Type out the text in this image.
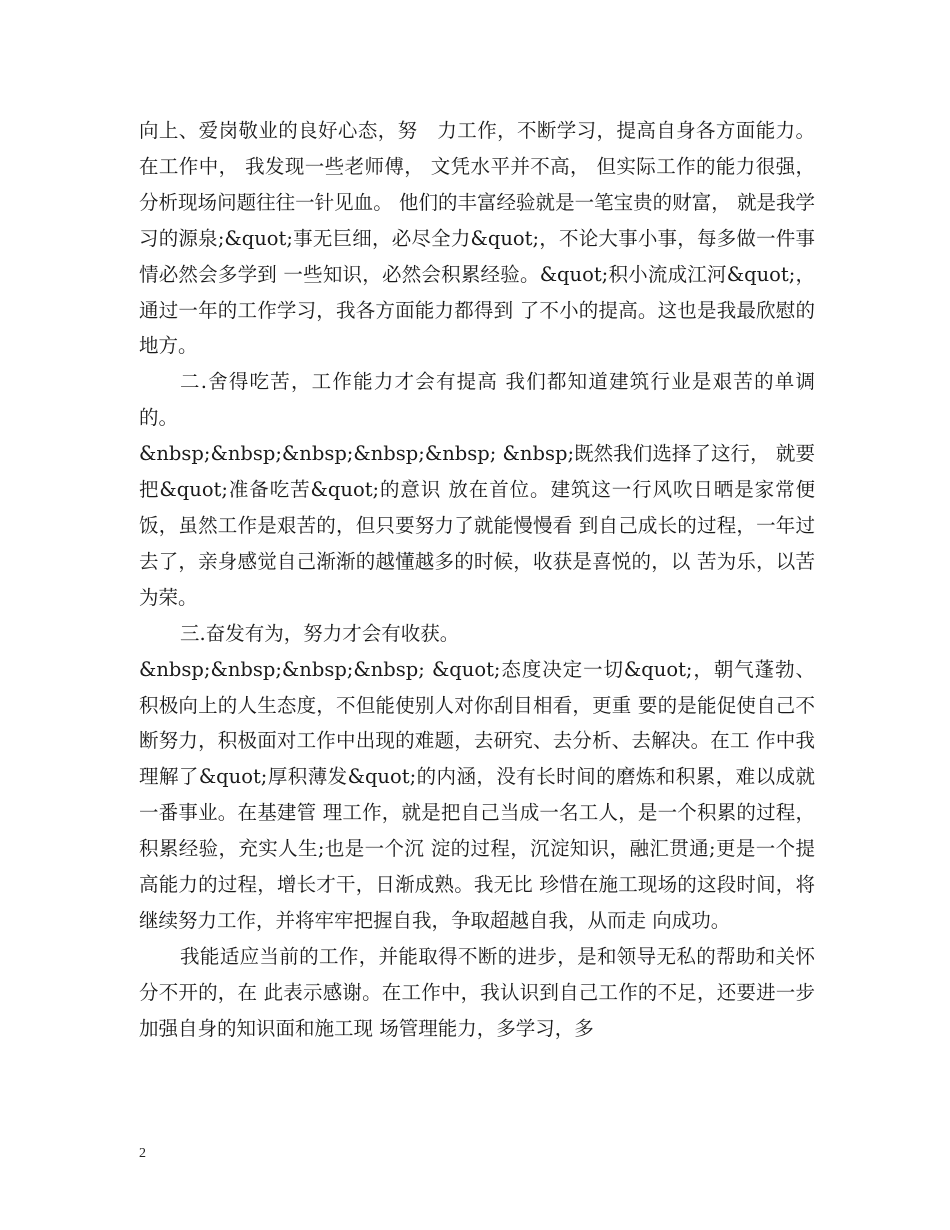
向上、爱岗敬业的良好心态，努　力工作，不断学习，提高自身各方面能力。 在工作中， 我发现一些老师傅， 文凭水平并不高， 但实际工作的能力很强， 分析现场问题往往一针见血。 他们的丰富经验就是一笔宝贵的财富， 就是我学习的源泉;&quot;事无巨细，必尽全力&quot;，不论大事小事，每多做一件事情必然会多学到 一些知识，必然会积累经验。&quot;积小流成江河&quot;，通过一年的工作学习，我各方面能力都得到 了不小的提高。这也是我最欣慰的地方。

二.舍得吃苦，工作能力才会有提高 我们都知道建筑行业是艰苦的单调的。

&nbsp;&nbsp;&nbsp;&nbsp;&nbsp; &nbsp;既然我们选择了这行， 就要把&quot;准备吃苦&quot;的意识 放在首位。建筑这一行风吹日晒是家常便饭，虽然工作是艰苦的，但只要努力了就能慢慢看 到自己成长的过程，一年过去了，亲身感觉自己渐渐的越懂越多的时候，收获是喜悦的，以 苦为乐，以苦为荣。

三.奋发有为，努力才会有收获。

&nbsp;&nbsp;&nbsp;&nbsp; &quot;态度决定一切&quot;，朝气蓬勃、积极向上的人生态度，不但能使别人对你刮目相看，更重 要的是能促使自己不断努力，积极面对工作中出现的难题，去研究、去分析、去解决。在工 作中我理解了&quot;厚积薄发&quot;的内涵，没有长时间的磨炼和积累，难以成就一番事业。在基建管 理工作，就是把自己当成一名工人，是一个积累的过程，积累经验，充实人生;也是一个沉 淀的过程，沉淀知识，融汇贯通;更是一个提高能力的过程，增长才干，日渐成熟。我无比 珍惜在施工现场的这段时间，将继续努力工作，并将牢牢把握自我，争取超越自我，从而走 向成功。

我能适应当前的工作，并能取得不断的进步，是和领导无私的帮助和关怀分不开的，在 此表示感谢。在工作中，我认识到自己工作的不足，还要进一步加强自身的知识面和施工现 场管理能力，多学习，多

2
